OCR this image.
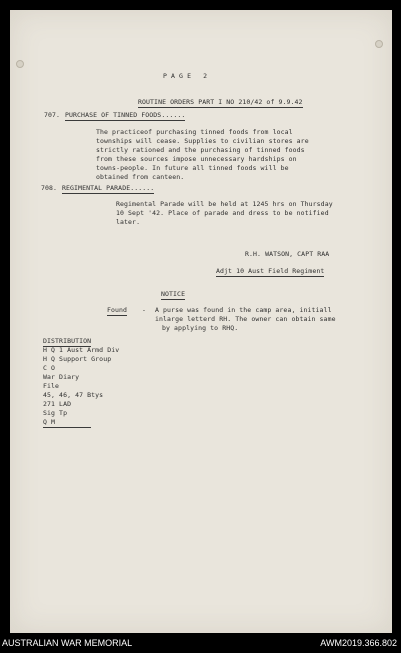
P A G E   2
ROUTINE ORDERS PART I NO 210/42 of 9.9.42
707. PURCHASE OF TINNED FOODS......
The practiceof purchasing tinned foods from local
townships will cease. Supplies to civilian stores are
strictly rationed and the purchasing of tinned foods
from these sources impose unnecessary hardships on
towns-people. In future all tinned foods will be
obtained from canteen.
708. REGIMENTAL PARADE......
Regimental Parade will be held at 1245 hrs on Thursday
10 Sept '42. Place of parade and dress to be notified
later.
R.H. WATSON, CAPT RAA
Adjt 10 Aust Field Regiment
NOTICE
Found - A purse was found in the camp area, initiall
inlarge letterd RH. The owner can obtain same
by applying to RHQ.
DISTRIBUTION
H Q 1 Aust Armd Div
H Q Support Group
C O
War Diary
File
45, 46, 47 Btys
271 LAD
Sig Tp
Q M
AUSTRALIAN WAR MEMORIAL	AWM2019.366.802
